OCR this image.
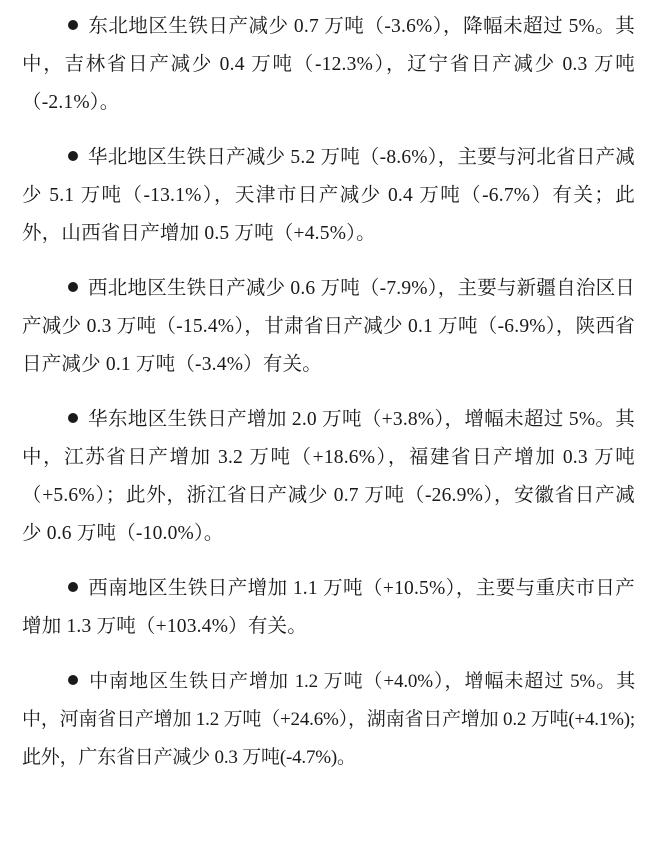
东北地区生铁日产减少 0.7 万吨（-3.6%），降幅未超过 5%。其中，吉林省日产减少 0.4 万吨（-12.3%），辽宁省日产减少 0.3 万吨（-2.1%）。

华北地区生铁日产减少 5.2 万吨（-8.6%），主要与河北省日产减少 5.1 万吨（-13.1%），天津市日产减少 0.4 万吨（-6.7%）有关；此外，山西省日产增加 0.5 万吨（+4.5%）。

西北地区生铁日产减少 0.6 万吨（-7.9%），主要与新疆自治区日产减少 0.3 万吨（-15.4%），甘肃省日产减少 0.1 万吨（-6.9%），陕西省日产减少 0.1 万吨（-3.4%）有关。

华东地区生铁日产增加 2.0 万吨（+3.8%），增幅未超过 5%。其中，江苏省日产增加 3.2 万吨（+18.6%），福建省日产增加 0.3 万吨（+5.6%）；此外，浙江省日产减少 0.7 万吨（-26.9%），安徽省日产减少 0.6 万吨（-10.0%）。

西南地区生铁日产增加 1.1 万吨（+10.5%），主要与重庆市日产增加 1.3 万吨（+103.4%）有关。

中南地区生铁日产增加 1.2 万吨（+4.0%），增幅未超过 5%。其中，河南省日产增加 1.2 万吨（+24.6%），湖南省日产增加 0.2 万吨(+4.1%);此外，广东省日产减少 0.3 万吨(-4.7%)。
